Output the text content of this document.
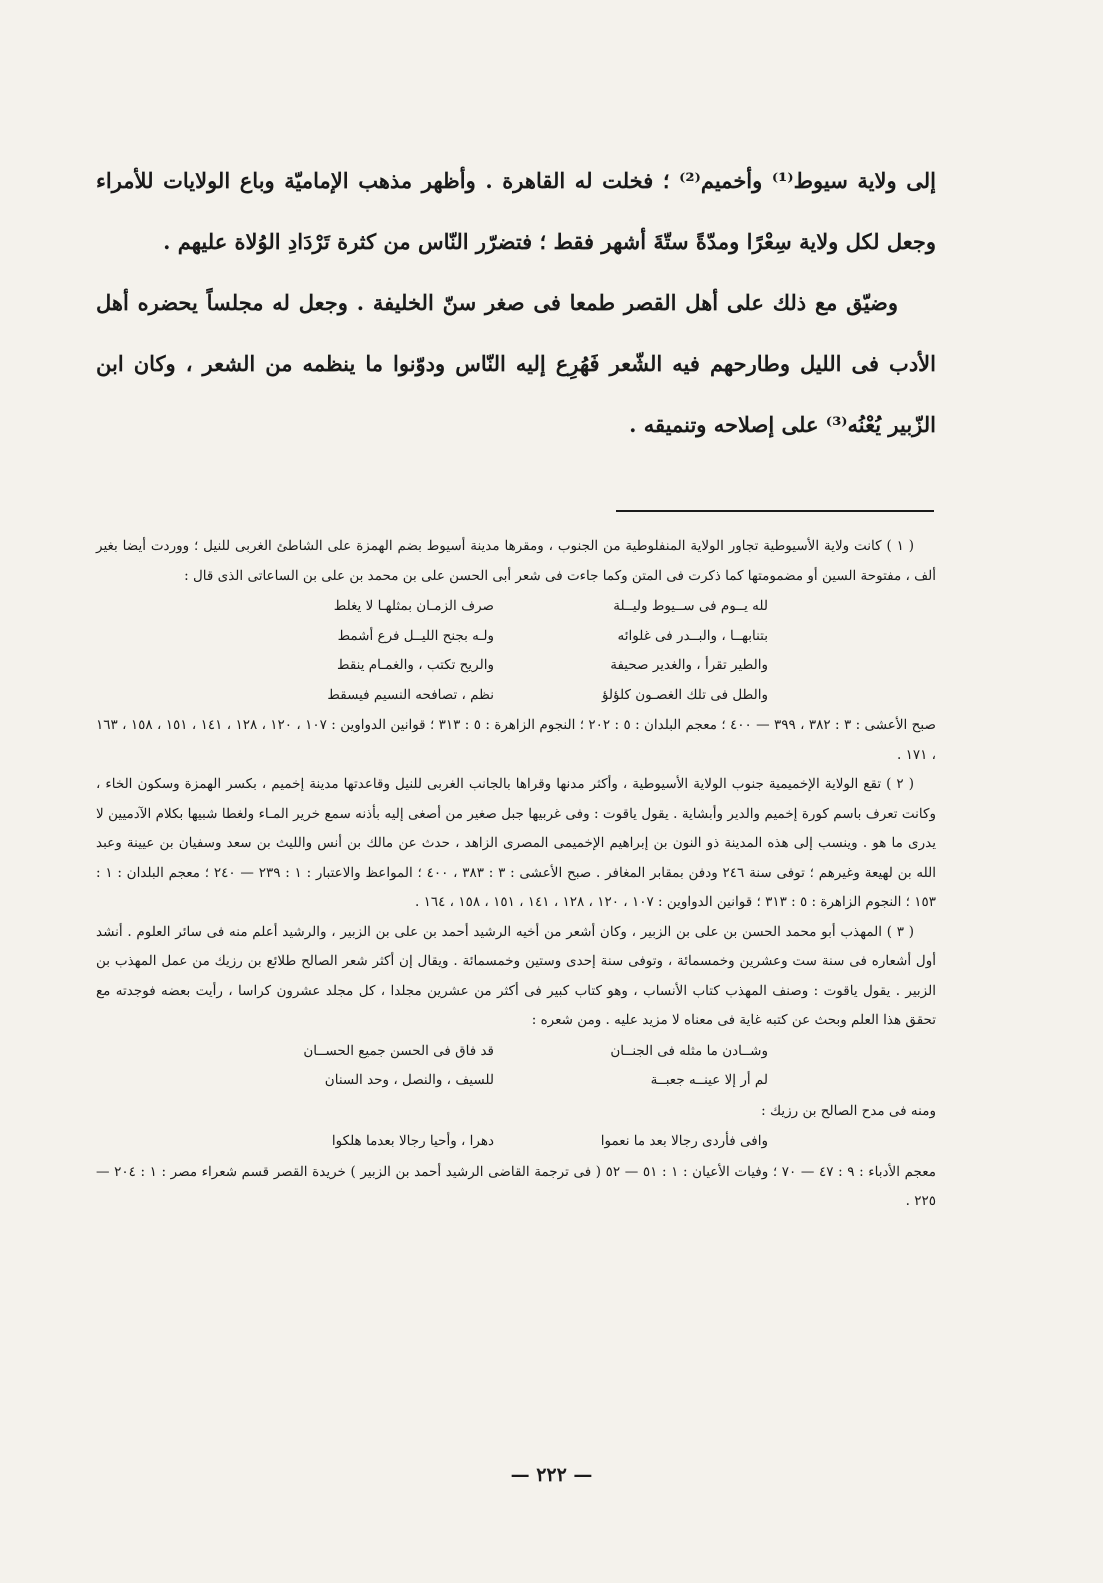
إلى ولاية سيوط⁽¹⁾ وأخميم⁽²⁾ ؛ فخلت له القاهرة . وأظهر مذهب الإماميّة وباع الولايات للأمراء وجعل لكل ولاية سِعْرًا ومدّةً ستّةَ أشهر فقط ؛ فتضرّر النّاس من كثرة تَرْدَادِ الوُلاة عليهم .

وضيّق مع ذلك على أهل القصر طمعا فى صغر سنّ الخليفة . وجعل له مجلساً يحضره أهل الأدب فى الليل وطارحهم فيه الشّعر فَهُرِع إليه النّاس ودوّنوا ما ينظمه من الشعر ، وكان ابن الزّبير يُعْنُه⁽³⁾ على إصلاحه وتنميقه .

( ١ ) كانت ولاية الأسيوطية تجاور الولاية المنفلوطية من الجنوب ، ومقرها مدينة أسيوط بضم الهمزة على الشاطئ الغربى للنيل ؛ ووردت أيضا بغير ألف ، مفتوحة السين أو مضمومتها كما ذكرت فى المتن وكما جاءت فى شعر أبى الحسن على بن محمد بن على بن الساعاتى الذى قال :

لله يــوم فى ســيوط وليــلة
صرف الزمـان بمثلهـا لا يغلط
بتنابهــا ، والبــدر فى غلوائه
ولـه بجنح الليــل فرع أشمط
والطير تقرأ ، والغدير صحيفة
والريح تكتب ، والغمـام ينقط
والطل فى تلك الغصـون كلؤلؤ
نظم ، تصافحه النسيم فيسقط

صبح الأعشى : ٣ : ٣٨٢ ، ٣٩٩ — ٤٠٠ ؛ معجم البلدان : ٥ : ٢٠٢ ؛ النجوم الزاهرة : ٥ : ٣١٣ ؛ قوانين الدواوين : ١٠٧ ، ١٢٠ ، ١٢٨ ، ١٤١ ، ١٥١ ، ١٥٨ ، ١٦٣ ، ١٧١ .

( ٢ ) تقع الولاية الإخميمية جنوب الولاية الأسيوطية ، وأكثر مدنها وقراها بالجانب الغربى للنيل وقاعدتها مدينة إخميم ، بكسر الهمزة وسكون الخاء ، وكانت تعرف باسم كورة إخميم والدير وأبشاية . يقول ياقوت : وفى غربيها جبل صغير من أصغى إليه بأذنه سمع خرير المـاء ولغطا شبيها بكلام الآدميين لا يدرى ما هو . وينسب إلى هذه المدينة ذو النون بن إبراهيم الإخميمى المصرى الزاهد ، حدث عن مالك بن أنس والليث بن سعد وسفيان بن عيينة وعبد الله بن لهيعة وغيرهم ؛ توفى سنة ٢٤٦ ودفن بمقابر المغافر . صبح الأعشى : ٣ : ٣٨٣ ، ٤٠٠ ؛ المواعظ والاعتبار : ١ : ٢٣٩ — ٢٤٠ ؛ معجم البلدان : ١ : ١٥٣ ؛ النجوم الزاهرة : ٥ : ٣١٣ ؛ قوانين الدواوين : ١٠٧ ، ١٢٠ ، ١٢٨ ، ١٤١ ، ١٥١ ، ١٥٨ ، ١٦٤ .

( ٣ ) المهذب أبو محمد الحسن بن على بن الزبير ، وكان أشعر من أخيه الرشيد أحمد بن على بن الزبير ، والرشيد أعلم منه فى سائر العلوم . أنشد أول أشعاره فى سنة ست وعشرين وخمسمائة ، وتوفى سنة إحدى وستين وخمسمائة . ويقال إن أكثر شعر الصالح طلائع بن رزيك من عمل المهذب بن الزبير . يقول ياقوت : وصنف المهذب كتاب الأنساب ، وهو كتاب كبير فى أكثر من عشرين مجلدا ، كل مجلد عشرون كراسا ، رأيت بعضه فوجدته مع تحقق هذا العلم وبحث عن كتبه غاية فى معناه لا مزيد عليه . ومن شعره :

وشــادن ما مثله فى الجنــان
قد فاق فى الحسن جميع الحســان
لم أر إلا عينــه جعبــة
للسيف ، والنصل ، وحد السنان

ومنه فى مدح الصالح بن رزيك :

وافى فأردى رجالا بعد ما نعموا
دهرا ، وأحيا رجالا بعدما هلكوا

معجم الأدباء : ٩ : ٤٧ — ٧٠ ؛ وفيات الأعيان : ١ : ٥١ — ٥٢ ( فى ترجمة القاضى الرشيد أحمد بن الزبير ) خريدة القصر قسم شعراء مصر : ١ : ٢٠٤ — ٢٢٥ .

— ٢٢٢ —
